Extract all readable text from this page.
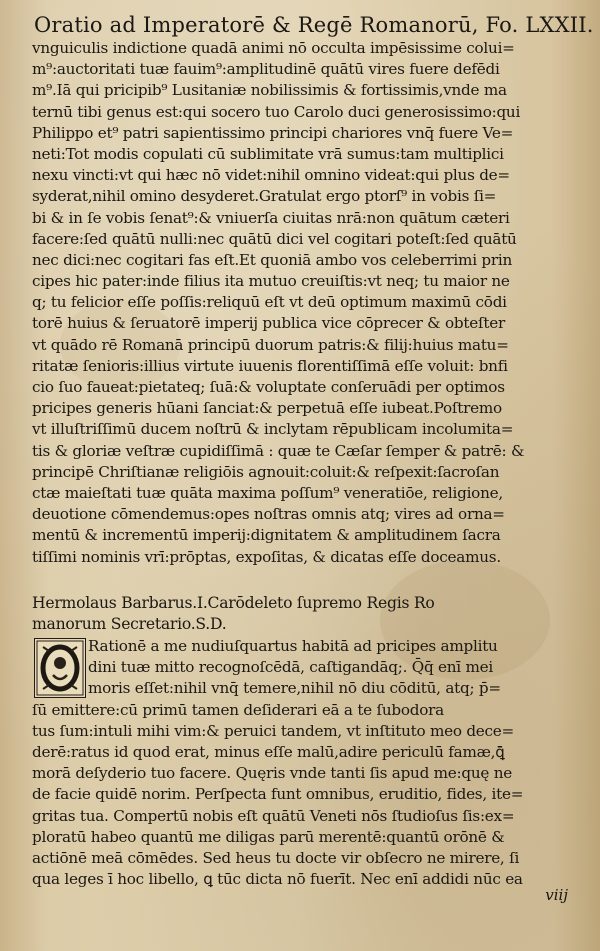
Oratio ad Imperatorē & Regē Romanorū, Fo. LXXII.
vnguiculis indictione quadā animi nō occulta impēsissime colui=
m⁹:auctoritati tuæ fauim⁹:amplitudinē quātū vires fuere defēdi
m⁹.Iā qui pricipib⁹ Lusitaniæ nobilissimis & fortissimis,vnde ma
ternū tibi genus est:qui socero tuo Carolo duci generosissimo:qui
Philippo et⁹ patri sapientissimo principi chariores vnq̄ fuere Ve=
neti:Tot modis copulati cū sublimitate vrā sumus:tam multiplici
nexu vincti:vt qui hæc nō videt:nihil omnino videat:qui plus de=
syderat,nihil omino desyderet.Gratulat ergo ptorſ⁹ in vobis ſi=
bi & in ſe vobis ſenat⁹:& vniuerſa ciuitas nrā:non quātum cæteri
facere:ſed quātū nulli:nec quātū dici vel cogitari poteſt:ſed quātū
nec dici:nec cogitari fas eſt.Et quoniā ambo vos celeberrimi prin
cipes hic pater:inde filius ita mutuo creuiſtis:vt neq; tu maior ne
q; tu felicior eſſe poſſis:reliquū eſt vt deū optimum maximū cōdi
torē huius & ſeruatorē imperij publica vice cōprecer & obteſter
vt quādo rē Romanā principū duorum patris:& filij:huius matu=
ritatæ ſenioris:illius virtute iuuenis florentiſſimā eſſe voluit: bnfi
cio ſuo faueat:pietateq; ſuā:& voluptate conſeruādi per optimos
pricipes generis hūani ſanciat:& perpetuā eſſe iubeat.Poſtremo
vt illuſtriſſimū ducem noſtrū & inclytam rēpublicam incolumita=
tis & gloriæ veſtræ cupidiſſimā : quæ te Cæſar ſemper & patrē: &
principē Chriſtianæ religiōis agnouit:coluit:& reſpexit:ſacroſan
ctæ maieſtati tuæ quāta maxima poſſum⁹ veneratiōe, religione,
deuotione cōmendemus:opes noſtras omnis atq; vires ad orna=
mentū & incrementū imperij:dignitatem & amplitudinem ſacra
tiſſimi nominis vrī:prōptas, expoſitas, & dicatas eſſe doceamus.
Hermolaus Barbarus.I.Carōdeleto ſupremo Regis Ro
manorum Secretario.S.D.
Rationē a me nudiuſquartus habitā ad pricipes amplitu
dini tuæ mitto recognoſcēdā, caſtigandāq;. Q̄q̄ enī mei
moris eſſet:nihil vnq̄ temere,nihil nō diu cōditū, atq; p̄=
ſū emittere:cū primū tamen deſiderari eā a te ſubodora
tus ſum:intuli mihi vim:& peruici tandem, vt inſtituto meo dece=
derē:ratus id quod erat, minus eſſe malū,adire periculū famæ,ꝗ̄
morā deſyderio tuo facere. Quęris vnde tanti ſis apud me:quę ne
de facie quidē norim. Perſpecta funt omnibus, eruditio, fides, ite=
gritas tua. Compertū nobis eſt quātū Veneti nōs ſtudioſus ſis:ex=
ploratū habeo quantū me diligas parū merentē:quantū orōnē &
actiōnē meā cōmēdes. Sed heus tu docte vir obſecro ne mirere, ſi
qua leges ī hoc libello, ꝗ tūc dicta nō fuerīt. Nec enī addidi nūc ea
viij
